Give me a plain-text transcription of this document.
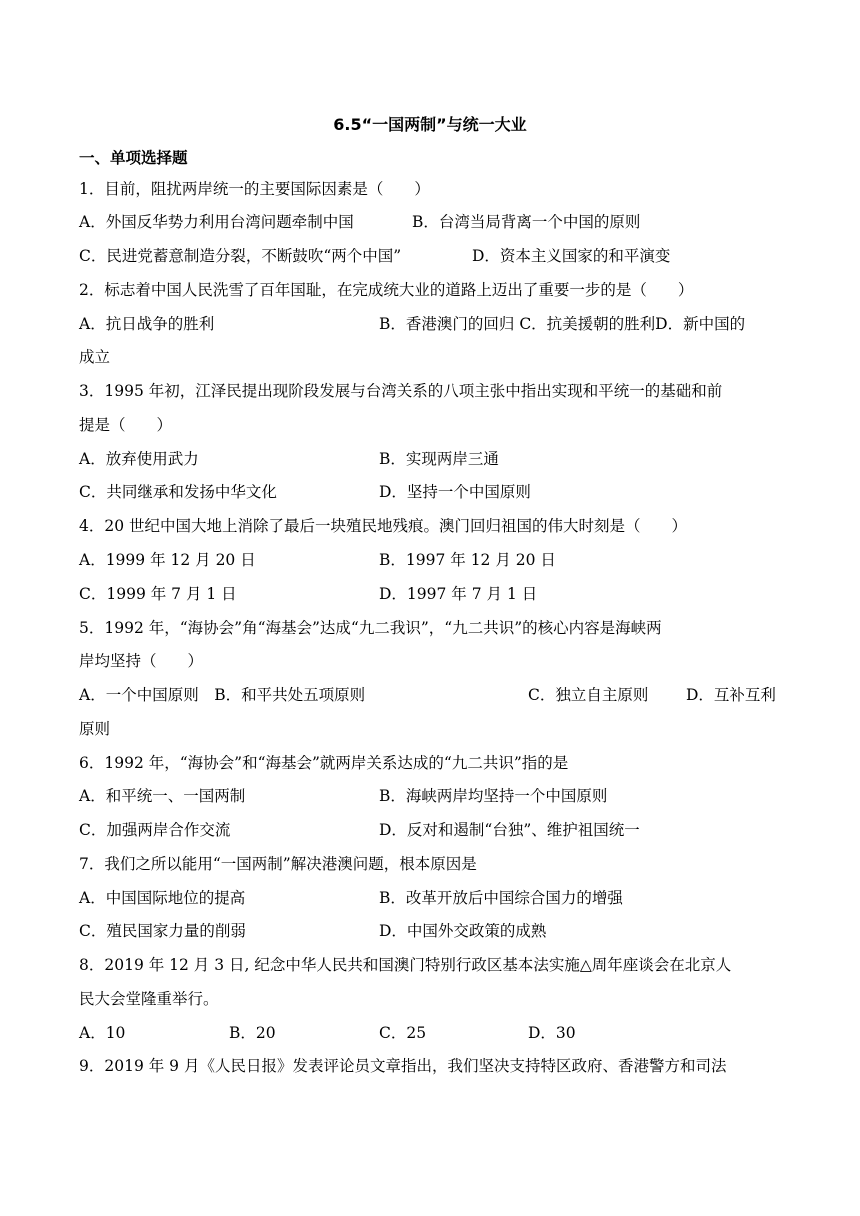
6.5“一国两制”与统一大业
一、单项选择题
1．目前，阻扰两岸统一的主要国际因素是（　　）
A．外国反华势力利用台湾问题牵制中国	B．台湾当局背离一个中国的原则
C．民进党蓄意制造分裂，不断鼓吹“两个中国”	D．资本主义国家的和平演变
2．标志着中国人民洗雪了百年国耻，在完成统大业的道路上迈出了重要一步的是（　　）
A．抗日战争的胜利	B．香港澳门的回归 C．抗美援朝的胜利D．新中国的
成立
3．1995 年初，江泽民提出现阶段发展与台湾关系的八项主张中指出实现和平统一的基础和前
提是（　　）
A．放弃使用武力	B．实现两岸三通
C．共同继承和发扬中华文化	D．坚持一个中国原则
4．20 世纪中国大地上消除了最后一块殖民地残痕。澳门回归祖国的伟大时刻是（　　）
A．1999 年 12 月 20 日	B．1997 年 12 月 20 日
C．1999 年 7 月 1 日	D．1997 年 7 月 1 日
5．1992 年，“海协会”角“海基会”达成“九二我识”，“九二共识”的核心内容是海峡两
岸均坚持（　　）
A．一个中国原则　B．和平共处五项原则	C．独立自主原则 D．互补互利
原则
6．1992 年，“海协会”和“海基会”就两岸关系达成的“九二共识”指的是
A．和平统一、一国两制	B．海峡两岸均坚持一个中国原则
C．加强两岸合作交流	D．反对和遏制“台独”、维护祖国统一
7．我们之所以能用“一国两制”解决港澳问题，根本原因是
A．中国国际地位的提高	B．改革开放后中国综合国力的增强
C．殖民国家力量的削弱	D．中国外交政策的成熟
8．2019 年 12 月 3 日, 纪念中华人民共和国澳门特别行政区基本法实施△周年座谈会在北京人
民大会堂隆重举行。
A．10	B．20	C．25	D．30
9．2019 年 9 月《人民日报》发表评论员文章指出，我们坚决支持特区政府、香港警方和司法
